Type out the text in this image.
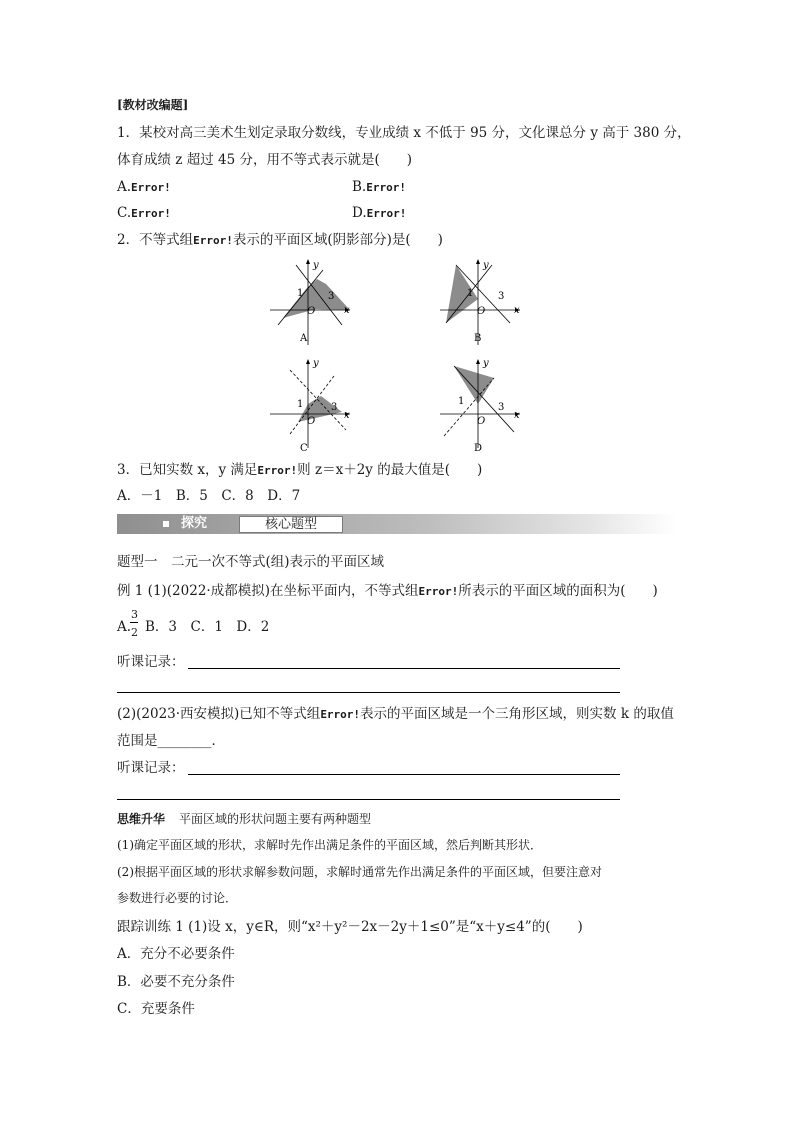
[教材改编题]
1．某校对高三美术生划定录取分数线，专业成绩 x 不低于 95 分，文化课总分 y 高于 380 分，
体育成绩 z 超过 45 分，用不等式表示就是(　　)
A.Error!	B.Error!
C.Error!	D.Error!
2．不等式组Error!表示的平面区域(阴影部分)是(　　)
y
x
O
1 3
A
y
x
O
1 3
B
y
x
O
1	3
C
y
x
O
1
3
D
3．已知实数 x，y 满足Error!则 z＝x＋2y 的最大值是(　　)
A．－1　B．5　C．8　D．7
探究	核心题型
题型一　二元一次不等式(组)表示的平面区域
例 1 (1)(2022·成都模拟)在坐标平面内，不等式组Error!所表示的平面区域的面积为(　　)
A.
3
2 B．3　C．1　D．2
听课记录：
(2)(2023·西安模拟)已知不等式组Error!表示的平面区域是一个三角形区域，则实数 k 的取值
范围是________．
听课记录：
思维升华 平面区域的形状问题主要有两种题型
(1)确定平面区域的形状，求解时先作出满足条件的平面区域，然后判断其形状．
(2)根据平面区域的形状求解参数问题，求解时通常先作出满足条件的平面区域，但要注意对
参数进行必要的讨论．
跟踪训练 1 (1)设 x，y∈R，则“x²＋y²－2x－2y＋1≤0”是“x＋y≤4”的(　　)
A．充分不必要条件
B．必要不充分条件
C．充要条件
